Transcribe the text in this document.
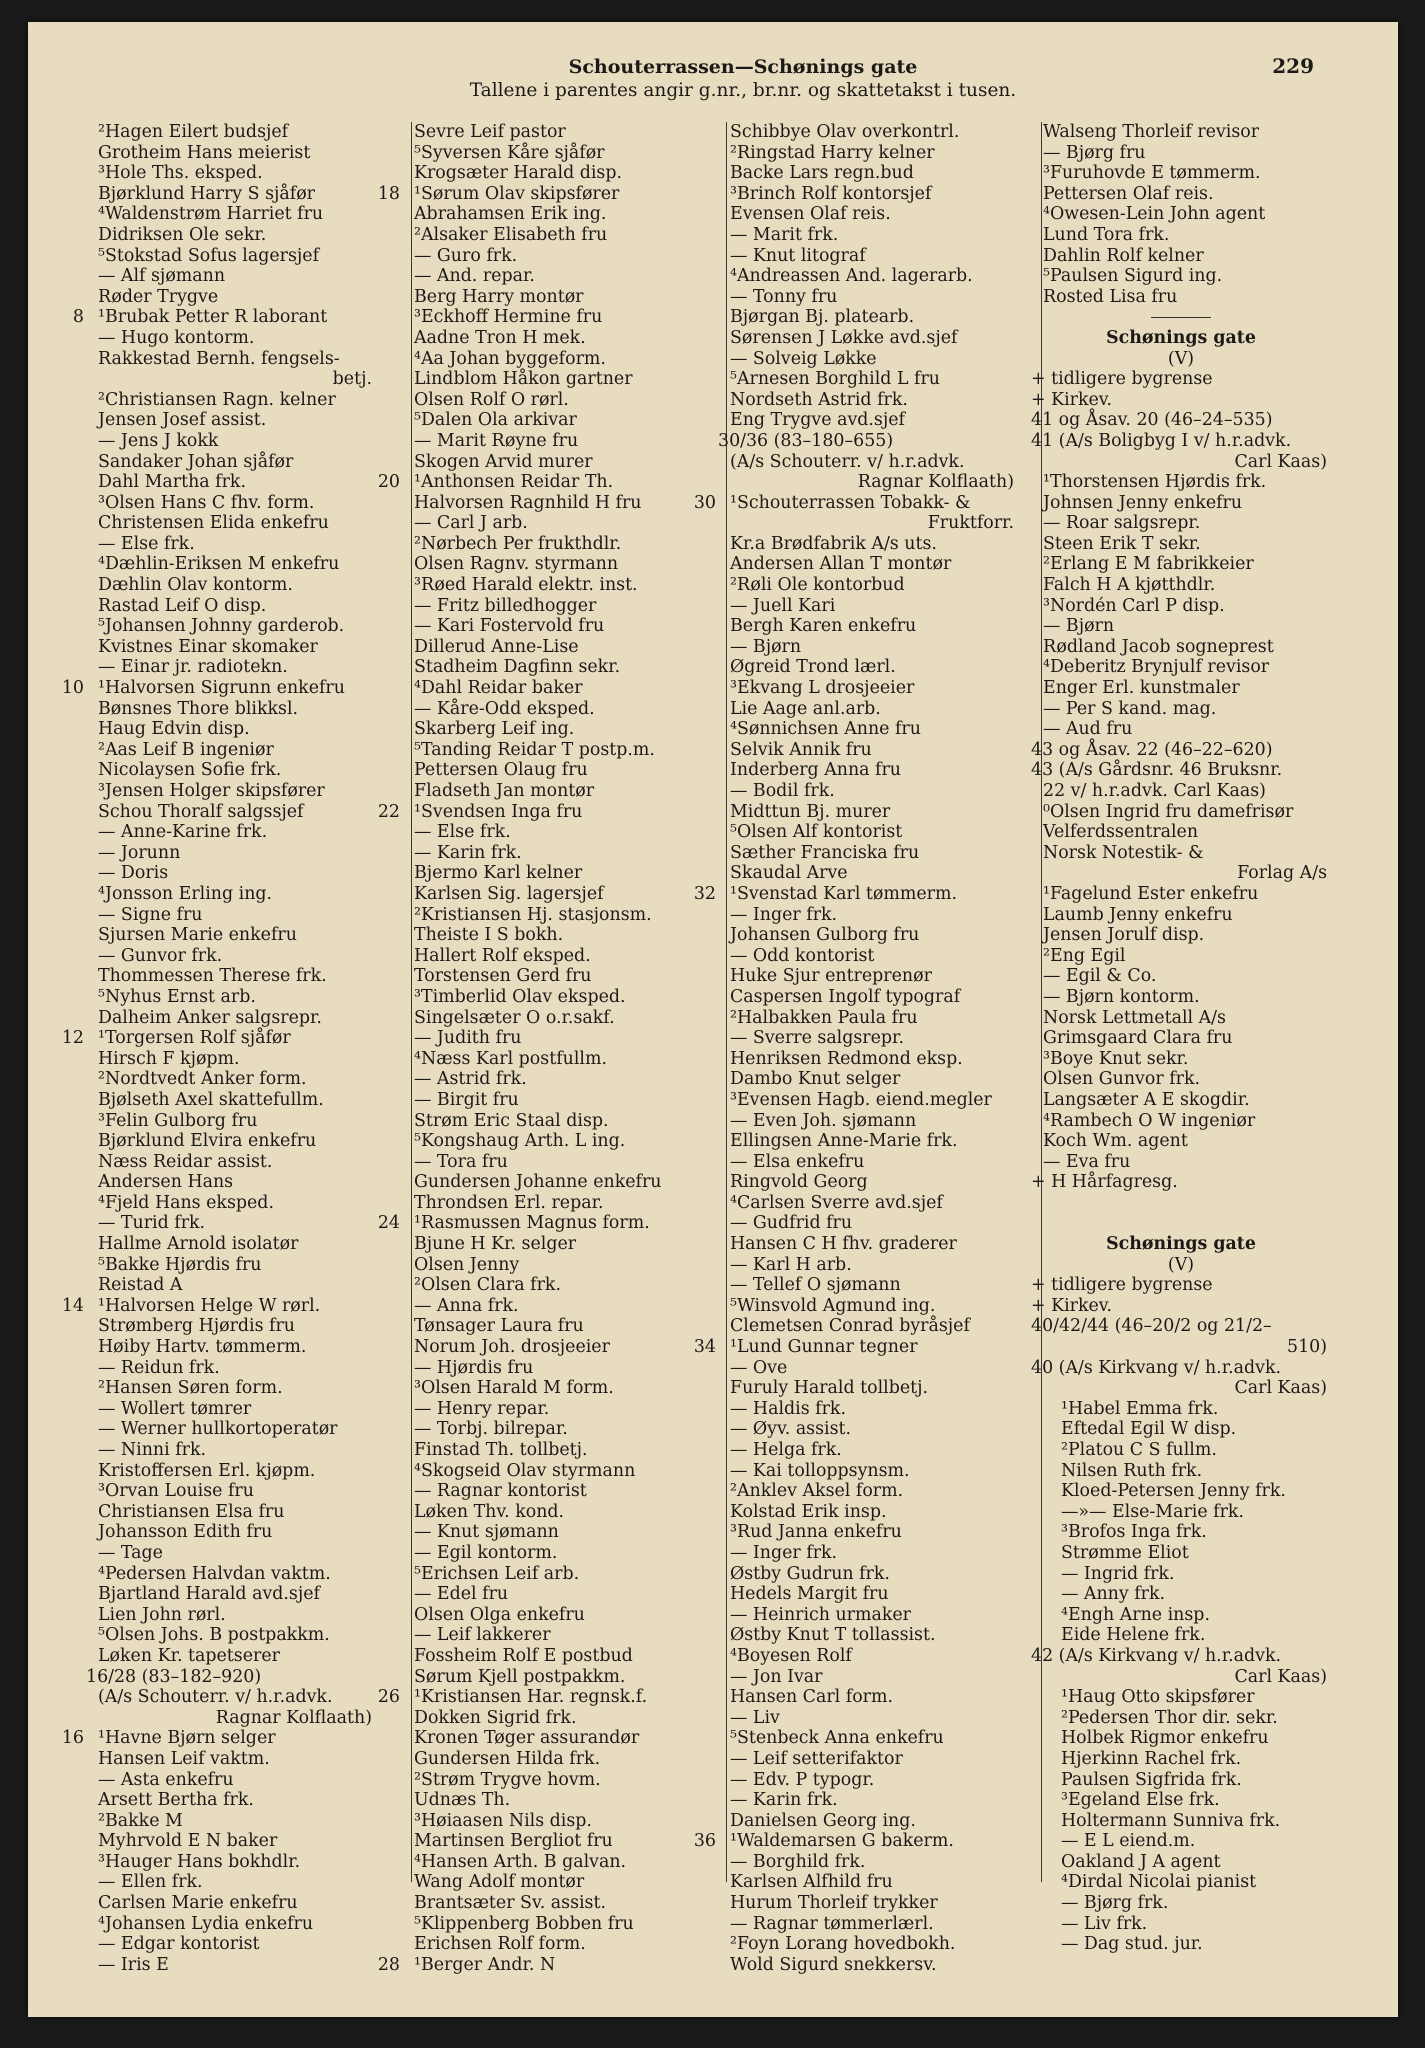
Schouterrassen—Schønings gate
Tallene i parentes angir g.nr., br.nr. og skattetakst i tusen.
229
²Hagen Eilert budsjef
Grotheim Hans meierist
³Hole Ths. eksped.
Bjørklund Harry S sjåfør
⁴Waldenstrøm Harriet fru
Didriksen Ole sekr.
⁵Stokstad Sofus lagersjef
— Alf sjømann
Røder Trygve
8 ¹Brubak Petter R laborant
— Hugo kontorm.
Rakkestad Bernh. fengsels-
betj.
²Christiansen Ragn. kelner
Jensen Josef assist.
— Jens J kokk
Sandaker Johan sjåfør
Dahl Martha frk.
³Olsen Hans C fhv. form.
Christensen Elida enkefru
— Else frk.
⁴Dæhlin-Eriksen M enkefru
Dæhlin Olav kontorm.
Rastad Leif O disp.
⁵Johansen Johnny garderob.
Kvistnes Einar skomaker
— Einar jr. radiotekn.
10 ¹Halvorsen Sigrunn enkefru
Bønsnes Thore blikksl.
Haug Edvin disp.
²Aas Leif B ingeniør
Nicolaysen Sofie frk.
³Jensen Holger skipsfører
Schou Thoralf salgssjef
— Anne-Karine frk.
— Jorunn
— Doris
⁴Jonsson Erling ing.
— Signe fru
Sjursen Marie enkefru
— Gunvor frk.
Thommessen Therese frk.
⁵Nyhus Ernst arb.
Dalheim Anker salgsrepr.
12 ¹Torgersen Rolf sjåfør
Hirsch F kjøpm.
²Nordtvedt Anker form.
Bjølseth Axel skattefullm.
³Felin Gulborg fru
Bjørklund Elvira enkefru
Næss Reidar assist.
Andersen Hans
⁴Fjeld Hans eksped.
— Turid frk.
Hallme Arnold isolatør
⁵Bakke Hjørdis fru
Reistad A
14 ¹Halvorsen Helge W rørl.
Strømberg Hjørdis fru
Høiby Hartv. tømmerm.
— Reidun frk.
²Hansen Søren form.
— Wollert tømrer
— Werner hullkortoperatør
— Ninni frk.
Kristoffersen Erl. kjøpm.
³Orvan Louise fru
Christiansen Elsa fru
Johansson Edith fru
— Tage
⁴Pedersen Halvdan vaktm.
Bjartland Harald avd.sjef
Lien John rørl.
⁵Olsen Johs. B postpakkm.
Løken Kr. tapetserer
16/28 (83–182–920)
(A/s Schouterr. v/ h.r.advk.
Ragnar Kolflaath)
16 ¹Havne Bjørn selger
Hansen Leif vaktm.
— Asta enkefru
Arsett Bertha frk.
²Bakke M
Myhrvold E N baker
³Hauger Hans bokhdlr.
— Ellen frk.
Carlsen Marie enkefru
⁴Johansen Lydia enkefru
— Edgar kontorist
— Iris E
Sevre Leif pastor
⁵Syversen Kåre sjåfør
Krogsæter Harald disp.
18 ¹Sørum Olav skipsfører
Abrahamsen Erik ing.
²Alsaker Elisabeth fru
— Guro frk.
— And. repar.
Berg Harry montør
³Eckhoff Hermine fru
Aadne Tron H mek.
⁴Aa Johan byggeform.
Lindblom Håkon gartner
Olsen Rolf O rørl.
⁵Dalen Ola arkivar
— Marit Røyne fru
Skogen Arvid murer
20 ¹Anthonsen Reidar Th.
Halvorsen Ragnhild H fru
— Carl J arb.
²Nørbech Per frukthdlr.
Olsen Ragnv. styrmann
³Røed Harald elektr. inst.
— Fritz billedhogger
— Kari Fostervold fru
Dillerud Anne-Lise
Stadheim Dagfinn sekr.
⁴Dahl Reidar baker
— Kåre-Odd eksped.
Skarberg Leif ing.
⁵Tanding Reidar T postp.m.
Pettersen Olaug fru
Fladseth Jan montør
22 ¹Svendsen Inga fru
— Else frk.
— Karin frk.
Bjermo Karl kelner
Karlsen Sig. lagersjef
²Kristiansen Hj. stasjonsm.
Theiste I S bokh.
Hallert Rolf eksped.
Torstensen Gerd fru
³Timberlid Olav eksped.
Singelsæter O o.r.sakf.
— Judith fru
⁴Næss Karl postfullm.
— Astrid frk.
— Birgit fru
Strøm Eric Staal disp.
⁵Kongshaug Arth. L ing.
— Tora fru
Gundersen Johanne enkefru
Throndsen Erl. repar.
24 ¹Rasmussen Magnus form.
Bjune H Kr. selger
Olsen Jenny
²Olsen Clara frk.
— Anna frk.
Tønsager Laura fru
Norum Joh. drosjeeier
— Hjørdis fru
³Olsen Harald M form.
— Henry repar.
— Torbj. bilrepar.
Finstad Th. tollbetj.
⁴Skogseid Olav styrmann
— Ragnar kontorist
Løken Thv. kond.
— Knut sjømann
— Egil kontorm.
⁵Erichsen Leif arb.
— Edel fru
Olsen Olga enkefru
— Leif lakkerer
Fossheim Rolf E postbud
Sørum Kjell postpakkm.
26 ¹Kristiansen Har. regnsk.f.
Dokken Sigrid frk.
Kronen Tøger assurandør
Gundersen Hilda frk.
²Strøm Trygve hovm.
Udnæs Th.
³Høiaasen Nils disp.
Martinsen Bergliot fru
⁴Hansen Arth. B galvan.
Wang Adolf montør
Brantsæter Sv. assist.
⁵Klippenberg Bobben fru
Erichsen Rolf form.
28 ¹Berger Andr. N
Schibbye Olav overkontrl.
²Ringstad Harry kelner
Backe Lars regn.bud
³Brinch Rolf kontorsjef
Evensen Olaf reis.
— Marit frk.
— Knut litograf
⁴Andreassen And. lagerarb.
— Tonny fru
Bjørgan Bj. platearb.
Sørensen J Løkke avd.sjef
— Solveig Løkke
⁵Arnesen Borghild L fru
Nordseth Astrid frk.
Eng Trygve avd.sjef
30/36 (83–180–655)
(A/s Schouterr. v/ h.r.advk.
Ragnar Kolflaath)
30 ¹Schouterrassen Tobakk- &
Fruktforr.
Kr.a Brødfabrik A/s uts.
Andersen Allan T montør
²Røli Ole kontorbud
— Juell Kari
Bergh Karen enkefru
— Bjørn
Øgreid Trond lærl.
³Ekvang L drosjeeier
Lie Aage anl.arb.
⁴Sønnichsen Anne fru
Selvik Annik fru
Inderberg Anna fru
— Bodil frk.
Midttun Bj. murer
⁵Olsen Alf kontorist
Sæther Franciska fru
Skaudal Arve
32 ¹Svenstad Karl tømmerm.
— Inger frk.
Johansen Gulborg fru
— Odd kontorist
Huke Sjur entreprenør
Caspersen Ingolf typograf
²Halbakken Paula fru
— Sverre salgsrepr.
Henriksen Redmond eksp.
Dambo Knut selger
³Evensen Hagb. eiend.megler
— Even Joh. sjømann
Ellingsen Anne-Marie frk.
— Elsa enkefru
Ringvold Georg
⁴Carlsen Sverre avd.sjef
— Gudfrid fru
Hansen C H fhv. graderer
— Karl H arb.
— Tellef O sjømann
⁵Winsvold Agmund ing.
Clemetsen Conrad byråsjef
34 ¹Lund Gunnar tegner
— Ove
Furuly Harald tollbetj.
— Haldis frk.
— Øyv. assist.
— Helga frk.
— Kai tolloppsynsm.
²Anklev Aksel form.
Kolstad Erik insp.
³Rud Janna enkefru
— Inger frk.
Østby Gudrun frk.
Hedels Margit fru
— Heinrich urmaker
Østby Knut T tollassist.
⁴Boyesen Rolf
— Jon Ivar
Hansen Carl form.
— Liv
⁵Stenbeck Anna enkefru
— Leif setterifaktor
— Edv. P typogr.
— Karin frk.
Danielsen Georg ing.
36 ¹Waldemarsen G bakerm.
— Borghild frk.
Karlsen Alfhild fru
Hurum Thorleif trykker
— Ragnar tømmerlærl.
²Foyn Lorang hovedbokh.
Wold Sigurd snekkersv.
Walseng Thorleif revisor
— Bjørg fru
³Furuhovde E tømmerm.
Pettersen Olaf reis.
⁴Owesen-Lein John agent
Lund Tora frk.
Dahlin Rolf kelner
⁵Paulsen Sigurd ing.
Rosted Lisa fru
Schønings gate
(V)
+ tidligere bygrense
+ Kirkev.
41 og Åsav. 20 (46–24–535)
41 (A/s Boligbyg I v/ h.r.advk.
Carl Kaas)
¹Thorstensen Hjørdis frk.
Johnsen Jenny enkefru
— Roar salgsrepr.
Steen Erik T sekr.
²Erlang E M fabrikkeier
Falch H A kjøtthdlr.
³Nordén Carl P disp.
— Bjørn
Rødland Jacob sogneprest
⁴Deberitz Brynjulf revisor
Enger Erl. kunstmaler
— Per S kand. mag.
— Aud fru
43 og Åsav. 22 (46–22–620)
43 (A/s Gårdsnr. 46 Bruksnr.
22 v/ h.r.advk. Carl Kaas)
⁰Olsen Ingrid fru damefrisør
Velferdssentralen
Norsk Notestik- &
Forlag A/s
¹Fagelund Ester enkefru
Laumb Jenny enkefru
Jensen Jorulf disp.
²Eng Egil
— Egil & Co.
— Bjørn kontorm.
Norsk Lettmetall A/s
Grimsgaard Clara fru
³Boye Knut sekr.
Olsen Gunvor frk.
Langsæter A E skogdir.
⁴Rambech O W ingeniør
Koch Wm. agent
— Eva fru
+ H Hårfagresg.
Schønings gate
(V)
+ tidligere bygrense
+ Kirkev.
40/42/44 (46–20/2 og 21/2–
510)
40 (A/s Kirkvang v/ h.r.advk.
Carl Kaas)
¹Habel Emma frk.
Eftedal Egil W disp.
²Platou C S fullm.
Nilsen Ruth frk.
Kloed-Petersen Jenny frk.
—»— Else-Marie frk.
³Brofos Inga frk.
Strømme Eliot
— Ingrid frk.
— Anny frk.
⁴Engh Arne insp.
Eide Helene frk.
42 (A/s Kirkvang v/ h.r.advk.
Carl Kaas)
¹Haug Otto skipsfører
²Pedersen Thor dir. sekr.
Holbek Rigmor enkefru
Hjerkinn Rachel frk.
Paulsen Sigfrida frk.
³Egeland Else frk.
Holtermann Sunniva frk.
— E L eiend.m.
Oakland J A agent
⁴Dirdal Nicolai pianist
— Bjørg frk.
— Liv frk.
— Dag stud. jur.
